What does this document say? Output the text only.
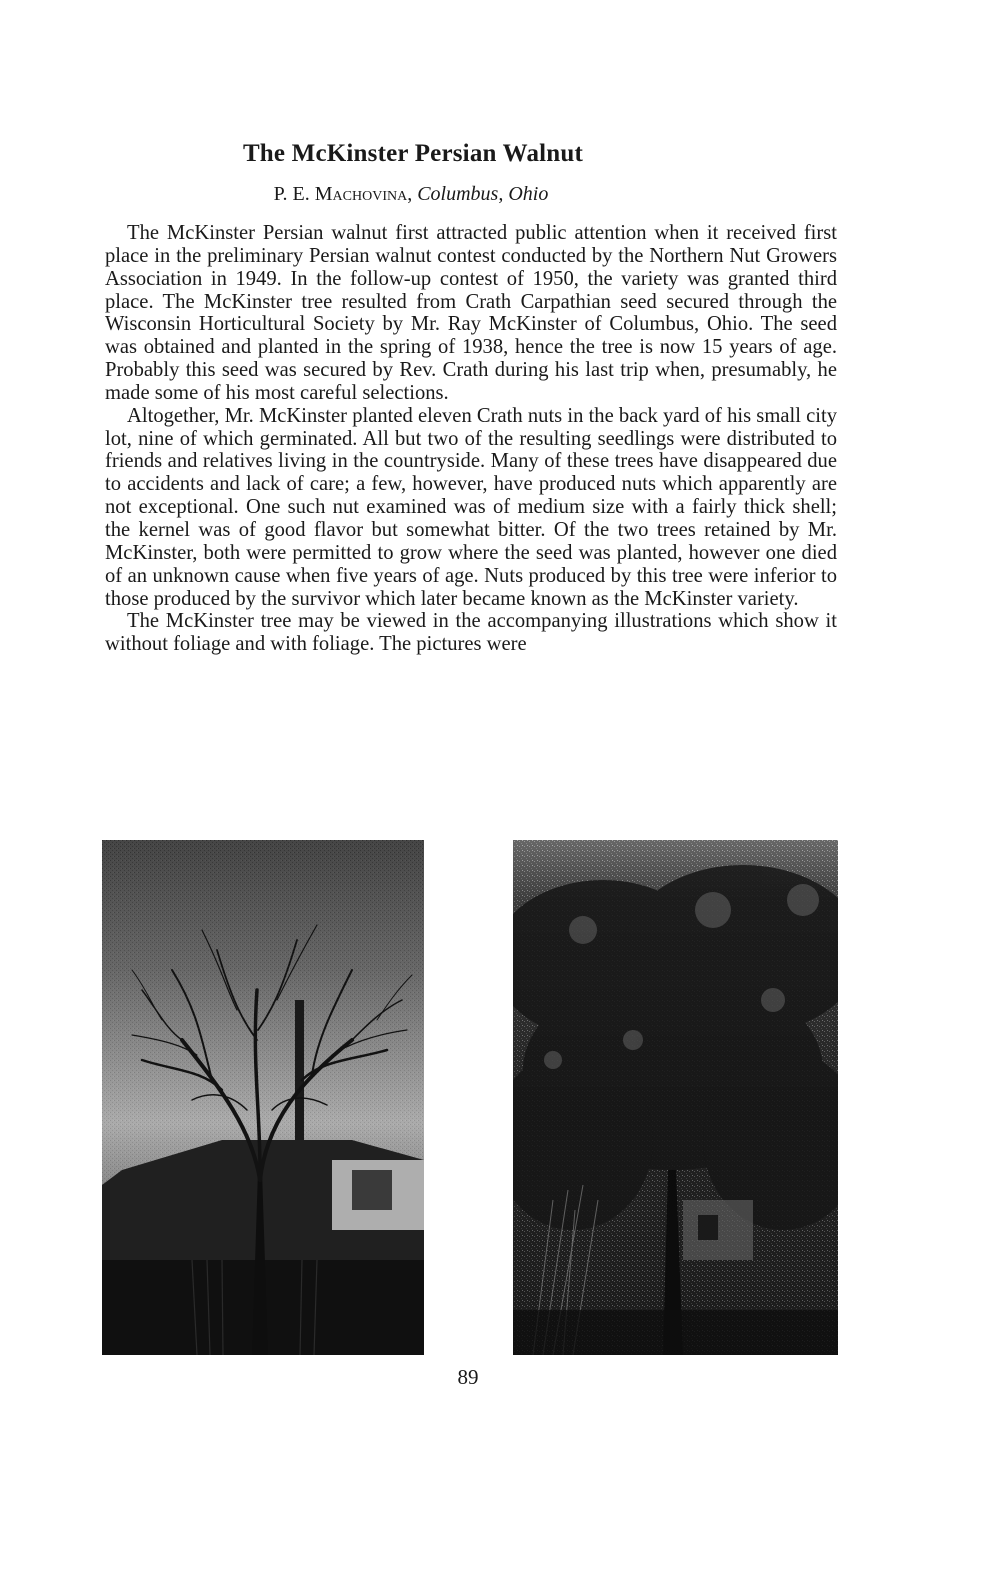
The McKinster Persian Walnut

P. E. Machovina, Columbus, Ohio

The McKinster Persian walnut first attracted public attention when it received first place in the preliminary Persian walnut contest conducted by the Northern Nut Growers Association in 1949. In the follow-up contest of 1950, the variety was granted third place. The McKinster tree resulted from Crath Carpathian seed secured through the Wisconsin Horticultural Society by Mr. Ray McKinster of Columbus, Ohio. The seed was obtained and planted in the spring of 1938, hence the tree is now 15 years of age. Probably this seed was secured by Rev. Crath during his last trip when, presumably, he made some of his most careful selections.

Altogether, Mr. McKinster planted eleven Crath nuts in the back yard of his small city lot, nine of which germinated. All but two of the resulting seedlings were distributed to friends and relatives living in the countryside. Many of these trees have disappeared due to accidents and lack of care; a few, however, have produced nuts which apparently are not exceptional. One such nut examined was of medium size with a fairly thick shell; the kernel was of good flavor but somewhat bitter. Of the two trees retained by Mr. McKinster, both were permitted to grow where the seed was planted, however one died of an unknown cause when five years of age. Nuts produced by this tree were inferior to those produced by the survivor which later became known as the McKinster variety.

The McKinster tree may be viewed in the accompanying illustrations which show it without foliage and with foliage. The pictures were

89
